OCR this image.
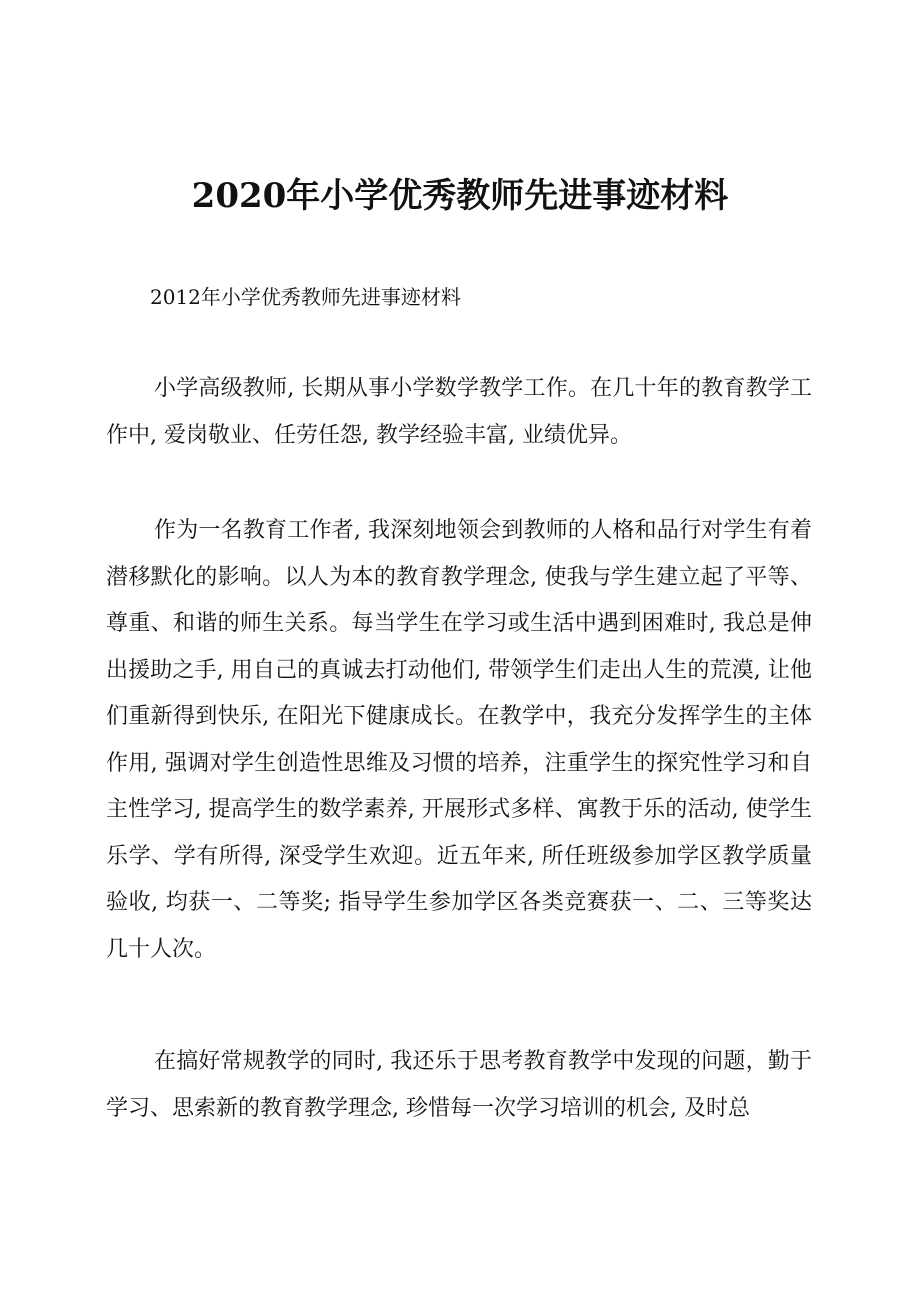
2020年小学优秀教师先进事迹材料
2012年小学优秀教师先进事迹材料

小学高级教师, 长期从事小学数学教学工作。在几十年的教育教学工作中, 爱岗敬业、任劳任怨, 教学经验丰富, 业绩优异。

作为一名教育工作者, 我深刻地领会到教师的人格和品行对学生有着潜移默化的影响。以人为本的教育教学理念, 使我与学生建立起了平等、尊重、和谐的师生关系。每当学生在学习或生活中遇到困难时, 我总是伸出援助之手, 用自己的真诚去打动他们, 带领学生们走出人生的荒漠, 让他们重新得到快乐, 在阳光下健康成长。在教学中，我充分发挥学生的主体作用, 强调对学生创造性思维及习惯的培养，注重学生的探究性学习和自主性学习, 提高学生的数学素养, 开展形式多样、寓教于乐的活动, 使学生乐学、学有所得, 深受学生欢迎。近五年来, 所任班级参加学区教学质量验收, 均获一、二等奖; 指导学生参加学区各类竞赛获一、二、三等奖达几十人次。

在搞好常规教学的同时, 我还乐于思考教育教学中发现的问题，勤于学习、思索新的教育教学理念, 珍惜每一次学习培训的机会, 及时总
